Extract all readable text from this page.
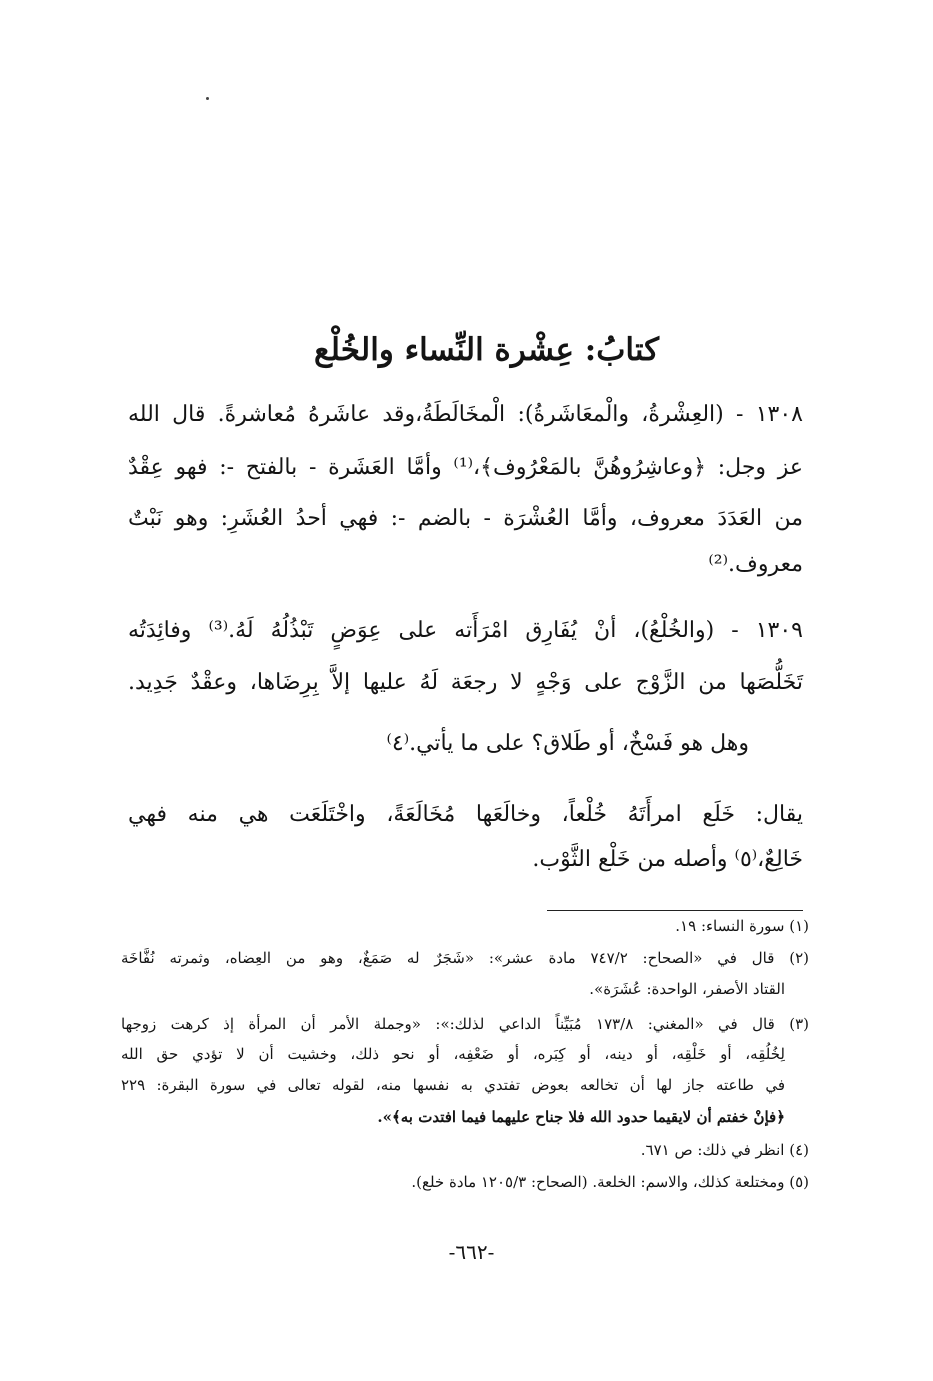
كتابُ: عِشْرة النِّساء والخُلْع
١٣٠٨ - (العِشْرةُ، والْمعَاشَرةُ): الْمخَالَطَةُ،وقد عاشَرهُ مُعاشرةً. قال الله
عز وجل: ﴿وعاشِرُوهُنَّ بالمَعْرُوف﴾،⁽¹⁾ وأمَّا العَشَرة - بالفتح -: فهو عِقْدٌ
من العَدَدَ معروف، وأمَّا العُشْرَة - بالضم -: فهي أحدُ العُشَرِ: وهو نَبْتٌ
معروف.⁽²⁾
١٣٠٩ - (والخُلْعُ)، أنْ يُفَارِق امْرَأَته على عِوَضٍ تَبْذُلُهُ لَهُ.⁽³⁾ وفائِدَتُه
تَخَلُّصَها من الزَّوْج على وَجْهٍ لا رجعَة لَهُ عليها إلاَّ بِرِضَاها، وعقْدٌ جَدِيد.
وهل هو فَسْخٌ، أو طَلاق؟ على ما يأتي.⁽٤⁾
يقال: خَلَع امرأَتَهُ خُلْعاً، وخالَعَها مُخَالَعَةً، واخْتَلَعَت هي منه فهي
خَالِعٌ،⁽٥⁾ وأصله من خَلْع الثَّوْب.
(١) سورة النساء: ١٩.
(٢) قال في «الصحاح: ٧٤٧/٢ مادة عشر»: «شَجَرٌ له صَمَغٌ، وهو من العِضاه، وثمرته نُفَّاخَة
القتاد الأصفر، الواحدة: عُشَرَة».
(٣) قال في «المغني: ١٧٣/٨ مُبَيِّناً الداعي لذلك:»: «وجملة الأمر أن المرأة إذ كرهت زوجها
لِخُلُقِه، أو خَلْقِه، أو دينه، أو كِبَره، أو ضَعْفِه، أو نحو ذلك، وخشيت أن لا تؤدي حق الله
في طاعته جاز لها أن تخالعه بعوض تفتدي به نفسها منه، لقوله تعالى في سورة البقرة: ٢٢٩
﴿فإنْ خفتم أن لايقيما حدود الله فلا جناح عليهما فيما افتدت به﴾».
(٤) انظر في ذلك: ص ٦٧١.
(٥) ومختلعة كذلك، والاسم: الخلعة. (الصحاح: ١٢٠٥/٣ مادة خلع).
-٦٦٢-
